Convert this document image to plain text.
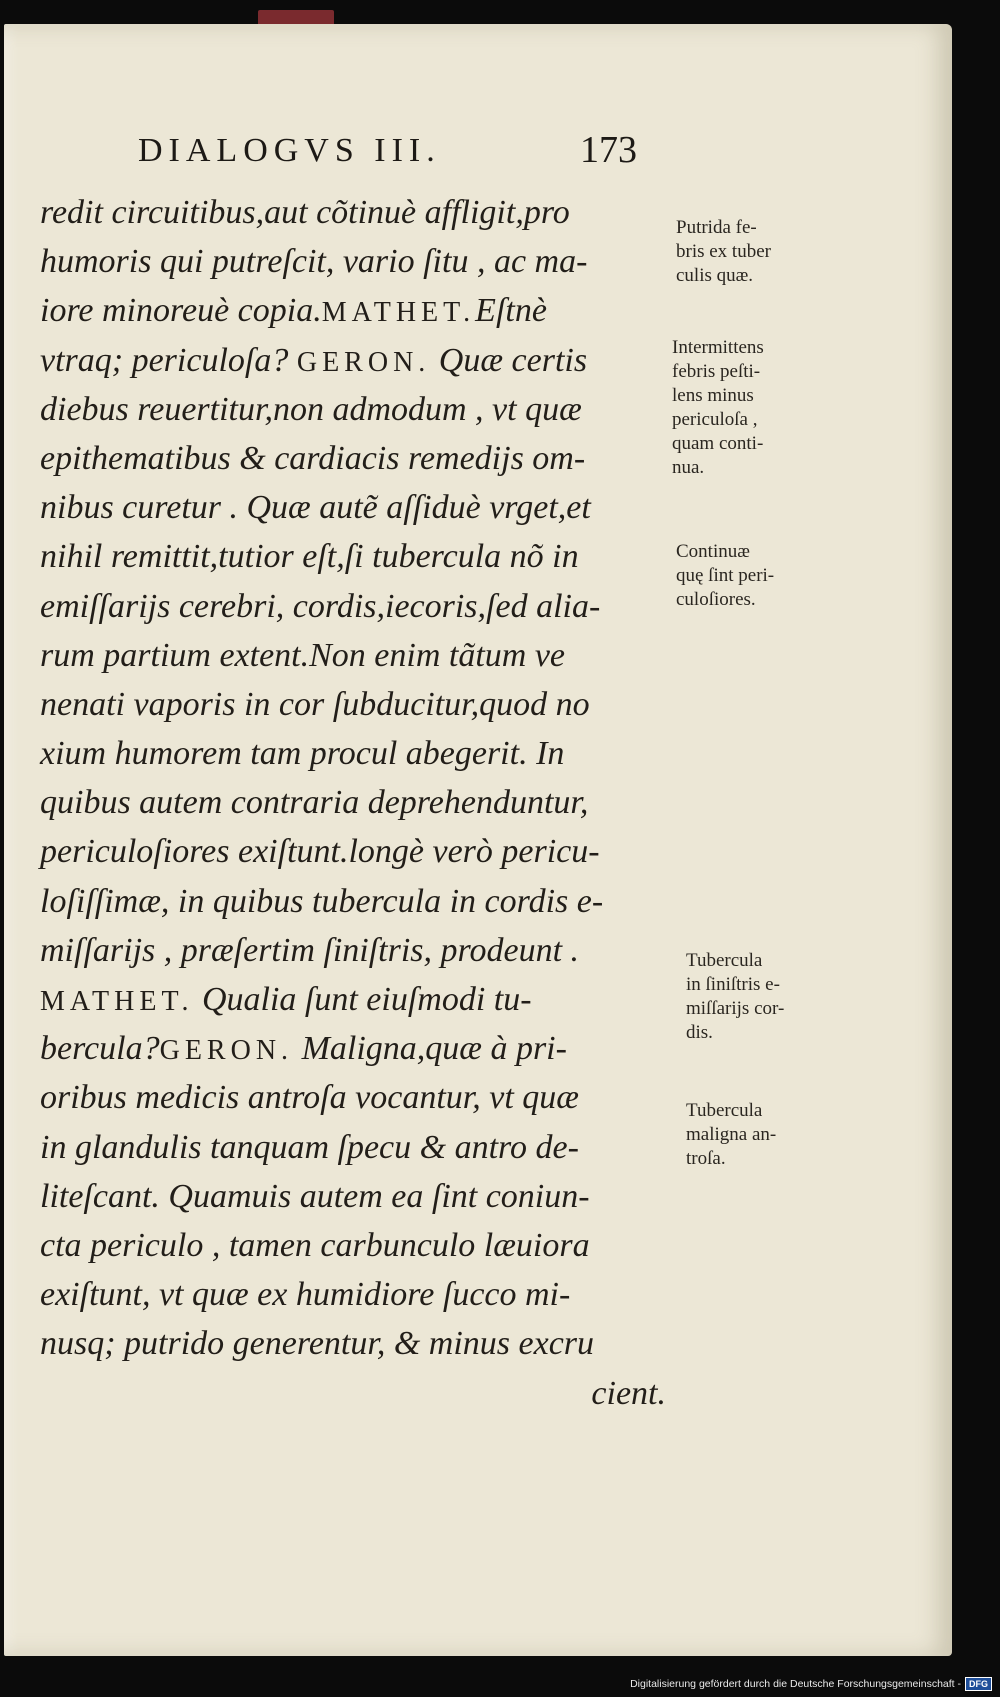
DIALOGVS III.	173
redit circuitibus,aut cõtinuè affligit,pro
humoris qui putreſcit, vario ſitu , ac ma-
iore minoreuè copia.MATHET.Eſtnè
vtraq; periculoſa? GERON. Quæ certis
diebus reuertitur,non admodum , vt quæ
epithematibus & cardiacis remedijs om-
nibus curetur . Quæ autẽ aſſiduè vrget,et
nihil remittit,tutior eſt,ſi tubercula nõ in
emiſſarijs cerebri, cordis,iecoris,ſed alia-
rum partium extent.Non enim tãtum ve
nenati vaporis in cor ſubducitur,quod no
xium humorem tam procul abegerit. In
quibus autem contraria deprehenduntur,
periculoſiores exiſtunt.longè verò pericu-
loſiſſimæ, in quibus tubercula in cordis e-
miſſarijs , præſertim ſiniſtris, prodeunt .
MATHET. Qualia ſunt eiuſmodi tu-
bercula?GERON. Maligna,quæ à pri-
oribus medicis antroſa vocantur, vt quæ
in glandulis tanquam ſpecu & antro de-
liteſcant. Quamuis autem ea ſint coniun-
cta periculo , tamen carbunculo læuiora
exiſtunt, vt quæ ex humidiore ſucco mi-
nusq; putrido generentur, & minus excru
cient.
Putrida fe-
bris ex tuber
culis quæ.
Intermittens
febris peſti-
lens minus
periculoſa ,
quam conti-
nua.
Continuæ
quę ſint peri-
culoſiores.
Tubercula
in ſiniſtris e-
miſſarijs cor-
dis.
Tubercula
maligna an-
troſa.
Digitalisierung gefördert durch die Deutsche Forschungsgemeinschaft - DFG
